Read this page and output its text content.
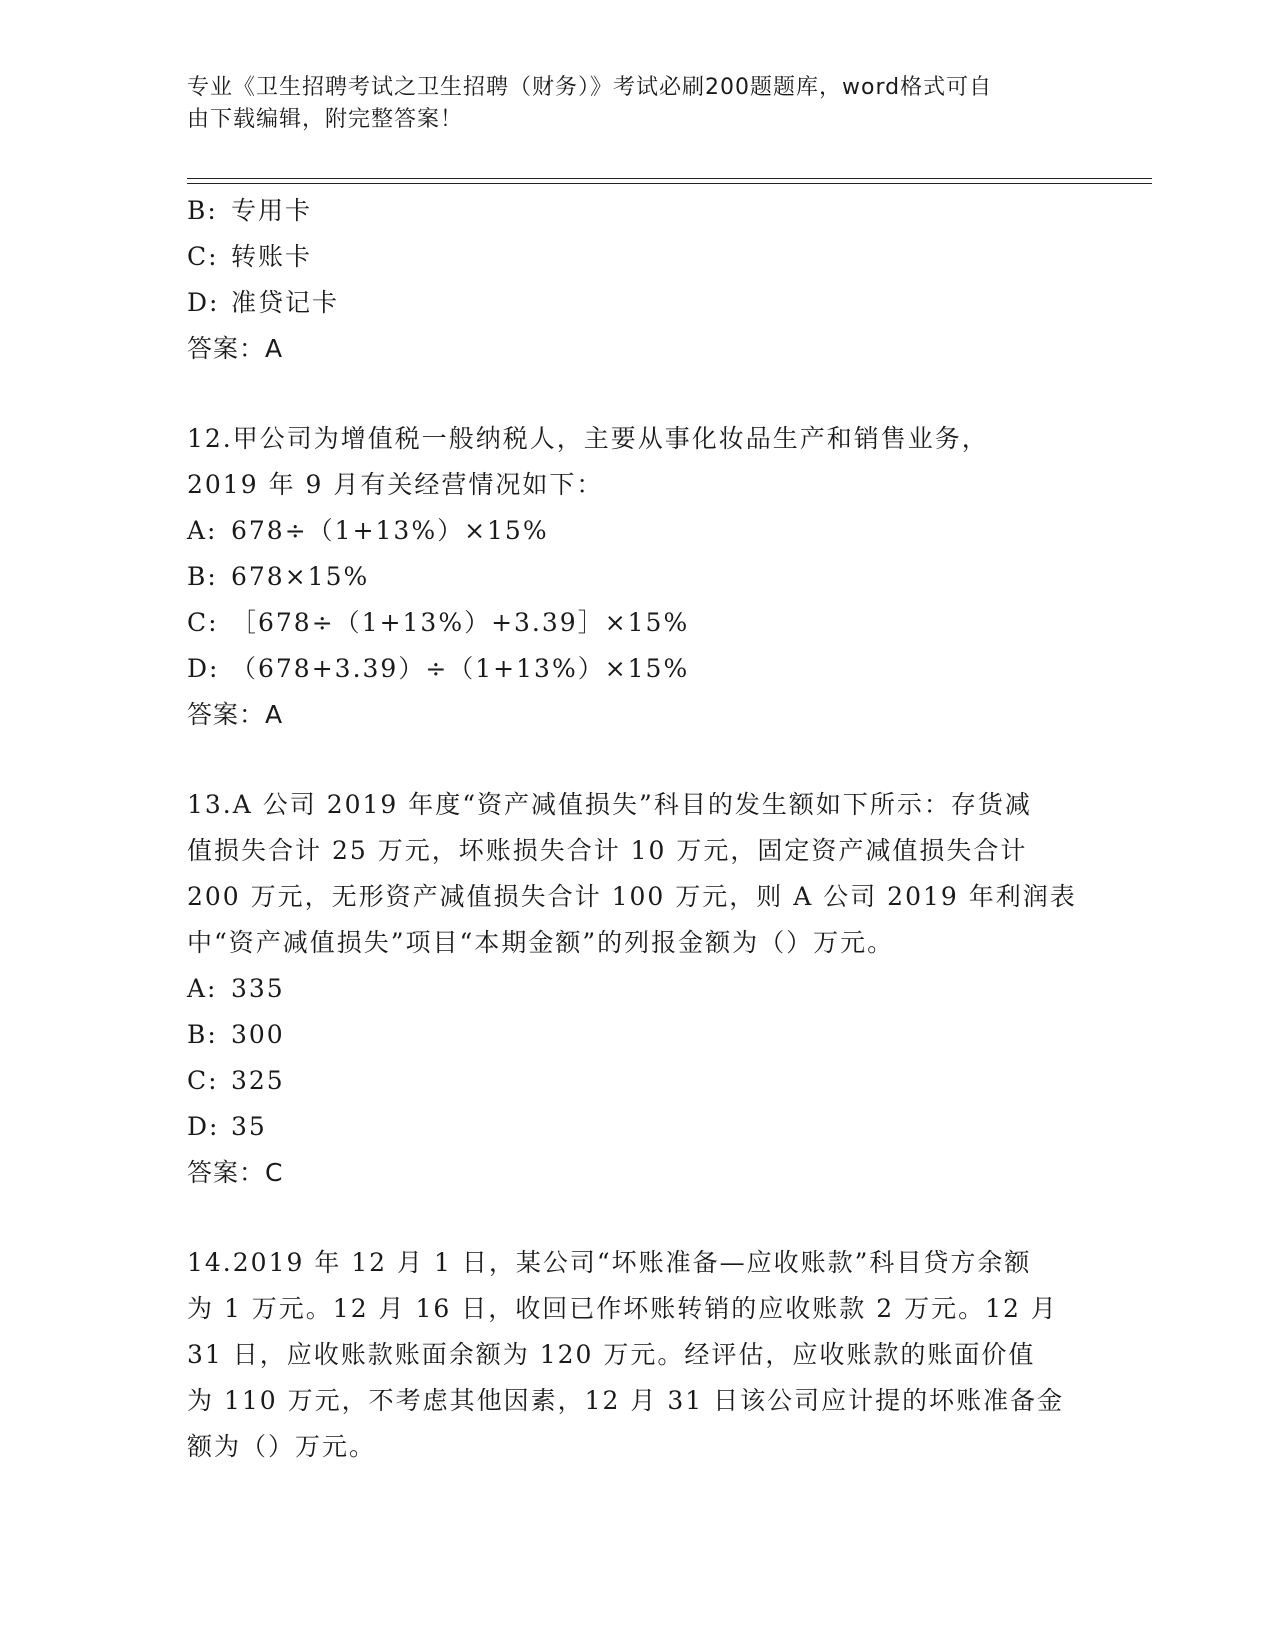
专业《卫生招聘考试之卫生招聘（财务）》考试必刷200题题库，word格式可自
由下载编辑，附完整答案！
B: 专用卡
C: 转账卡
D: 准贷记卡
答案：A
12.甲公司为增值税一般纳税人，主要从事化妆品生产和销售业务，
2019 年 9 月有关经营情况如下：
A: 678÷（1+13%）×15%
B: 678×15%
C: ［678÷（1+13%）+3.39］×15%
D: （678+3.39）÷（1+13%）×15%
答案：A
13.A 公司 2019 年度“资产减值损失”科目的发生额如下所示：存货减
值损失合计 25 万元，坏账损失合计 10 万元，固定资产减值损失合计
200 万元，无形资产减值损失合计 100 万元，则 A 公司 2019 年利润表
中“资产减值损失”项目“本期金额”的列报金额为（）万元。
A: 335
B: 300
C: 325
D: 35
答案：C
14.2019 年 12 月 1 日，某公司“坏账准备—应收账款”科目贷方余额
为 1 万元。12 月 16 日，收回已作坏账转销的应收账款 2 万元。12 月
31 日，应收账款账面余额为 120 万元。经评估，应收账款的账面价值
为 110 万元，不考虑其他因素，12 月 31 日该公司应计提的坏账准备金
额为（）万元。
